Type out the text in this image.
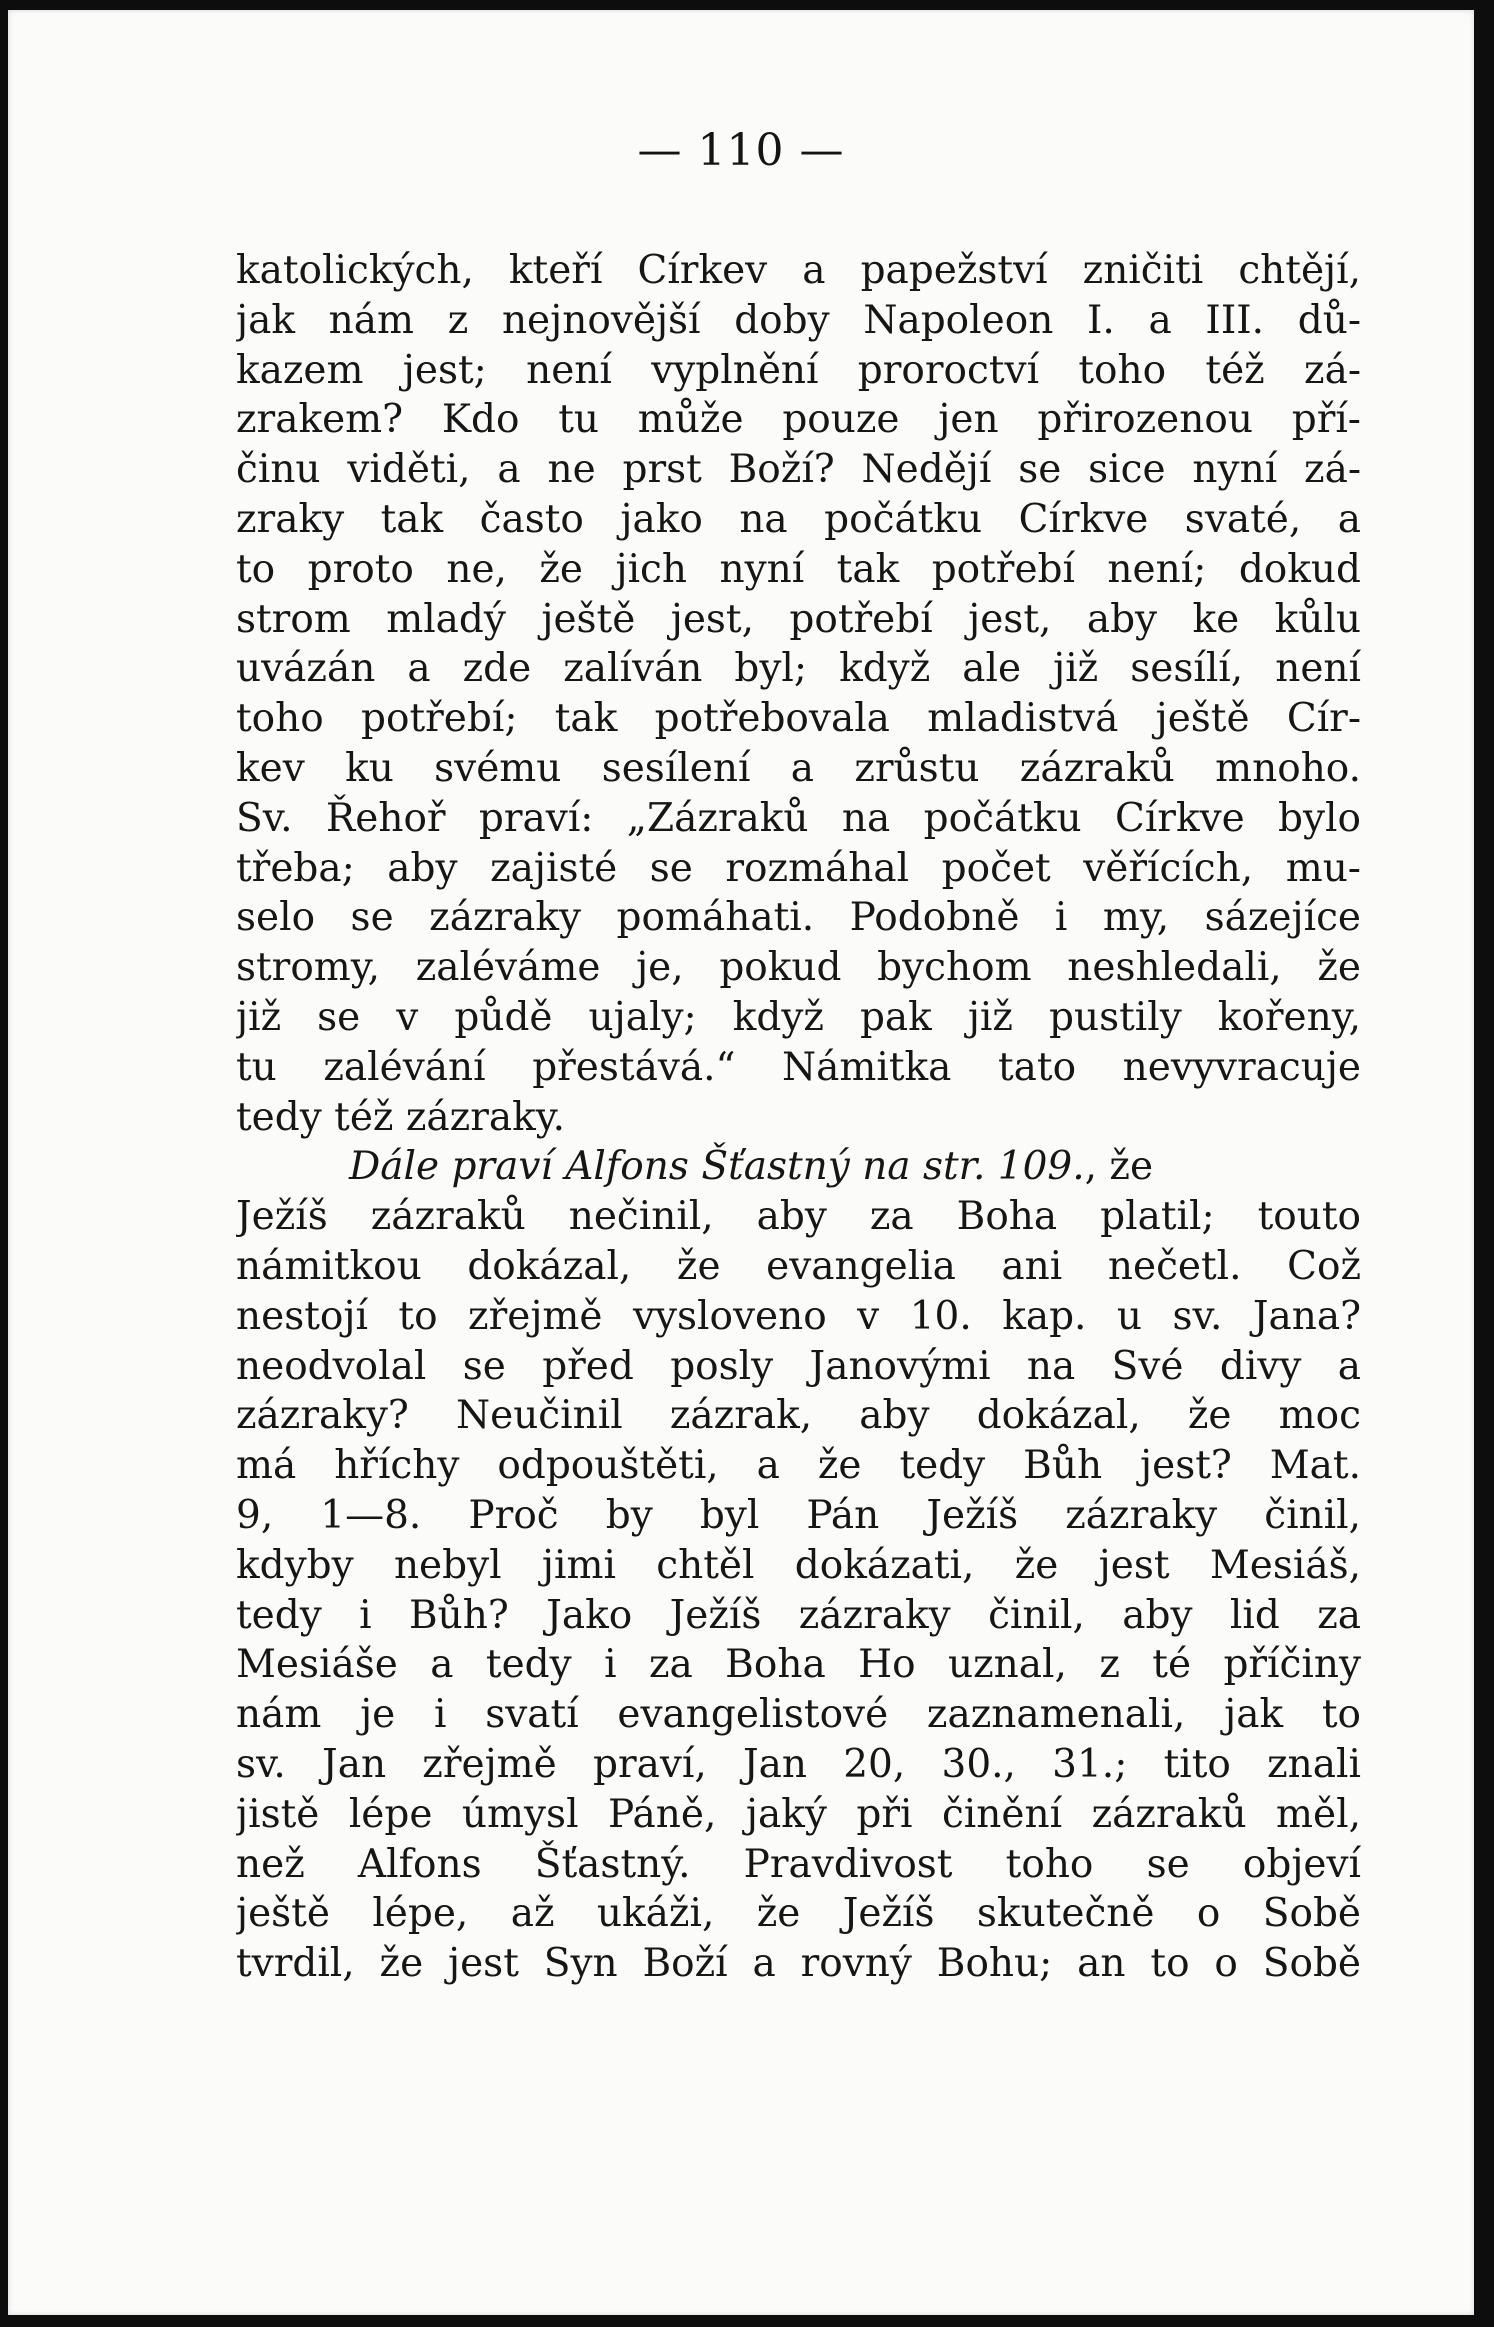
— 110 —
katolických, kteří Církev a papežství zničiti chtějí,
jak nám z nejnovější doby Napoleon I. a III. dů-
kazem jest; není vyplnění proroctví toho též zá-
zrakem? Kdo tu může pouze jen přirozenou pří-
činu viděti, a ne prst Boží? Nedějí se sice nyní zá-
zraky tak často jako na počátku Církve svaté, a
to proto ne, že jich nyní tak potřebí není; dokud
strom mladý ještě jest, potřebí jest, aby ke kůlu
uvázán a zde zalíván byl; když ale již sesílí, není
toho potřebí; tak potřebovala mladistvá ještě Cír-
kev ku svému sesílení a zrůstu zázraků mnoho.
Sv. Řehoř praví: „Zázraků na počátku Církve bylo
třeba; aby zajisté se rozmáhal počet věřících, mu-
selo se zázraky pomáhati. Podobně i my, sázejíce
stromy, zaléváme je, pokud bychom neshledali, že
již se v půdě ujaly; když pak již pustily kořeny,
tu zalévání přestává.“ Námitka tato nevyvracuje
tedy též zázraky.
Dále praví Alfons Šťastný na str. 109., že
Ježíš zázraků nečinil, aby za Boha platil; touto
námitkou dokázal, že evangelia ani nečetl. Což
nestojí to zřejmě vysloveno v 10. kap. u sv. Jana?
neodvolal se před posly Janovými na Své divy a
zázraky? Neučinil zázrak, aby dokázal, že moc
má hříchy odpouštěti, a že tedy Bůh jest? Mat.
9, 1—8. Proč by byl Pán Ježíš zázraky činil,
kdyby nebyl jimi chtěl dokázati, že jest Mesiáš,
tedy i Bůh? Jako Ježíš zázraky činil, aby lid za
Mesiáše a tedy i za Boha Ho uznal, z té příčiny
nám je i svatí evangelistové zaznamenali, jak to
sv. Jan zřejmě praví, Jan 20, 30., 31.; tito znali
jistě lépe úmysl Páně, jaký při činění zázraků měl,
než Alfons Šťastný. Pravdivost toho se objeví
ještě lépe, až ukáži, že Ježíš skutečně o Sobě
tvrdil, že jest Syn Boží a rovný Bohu; an to o Sobě
